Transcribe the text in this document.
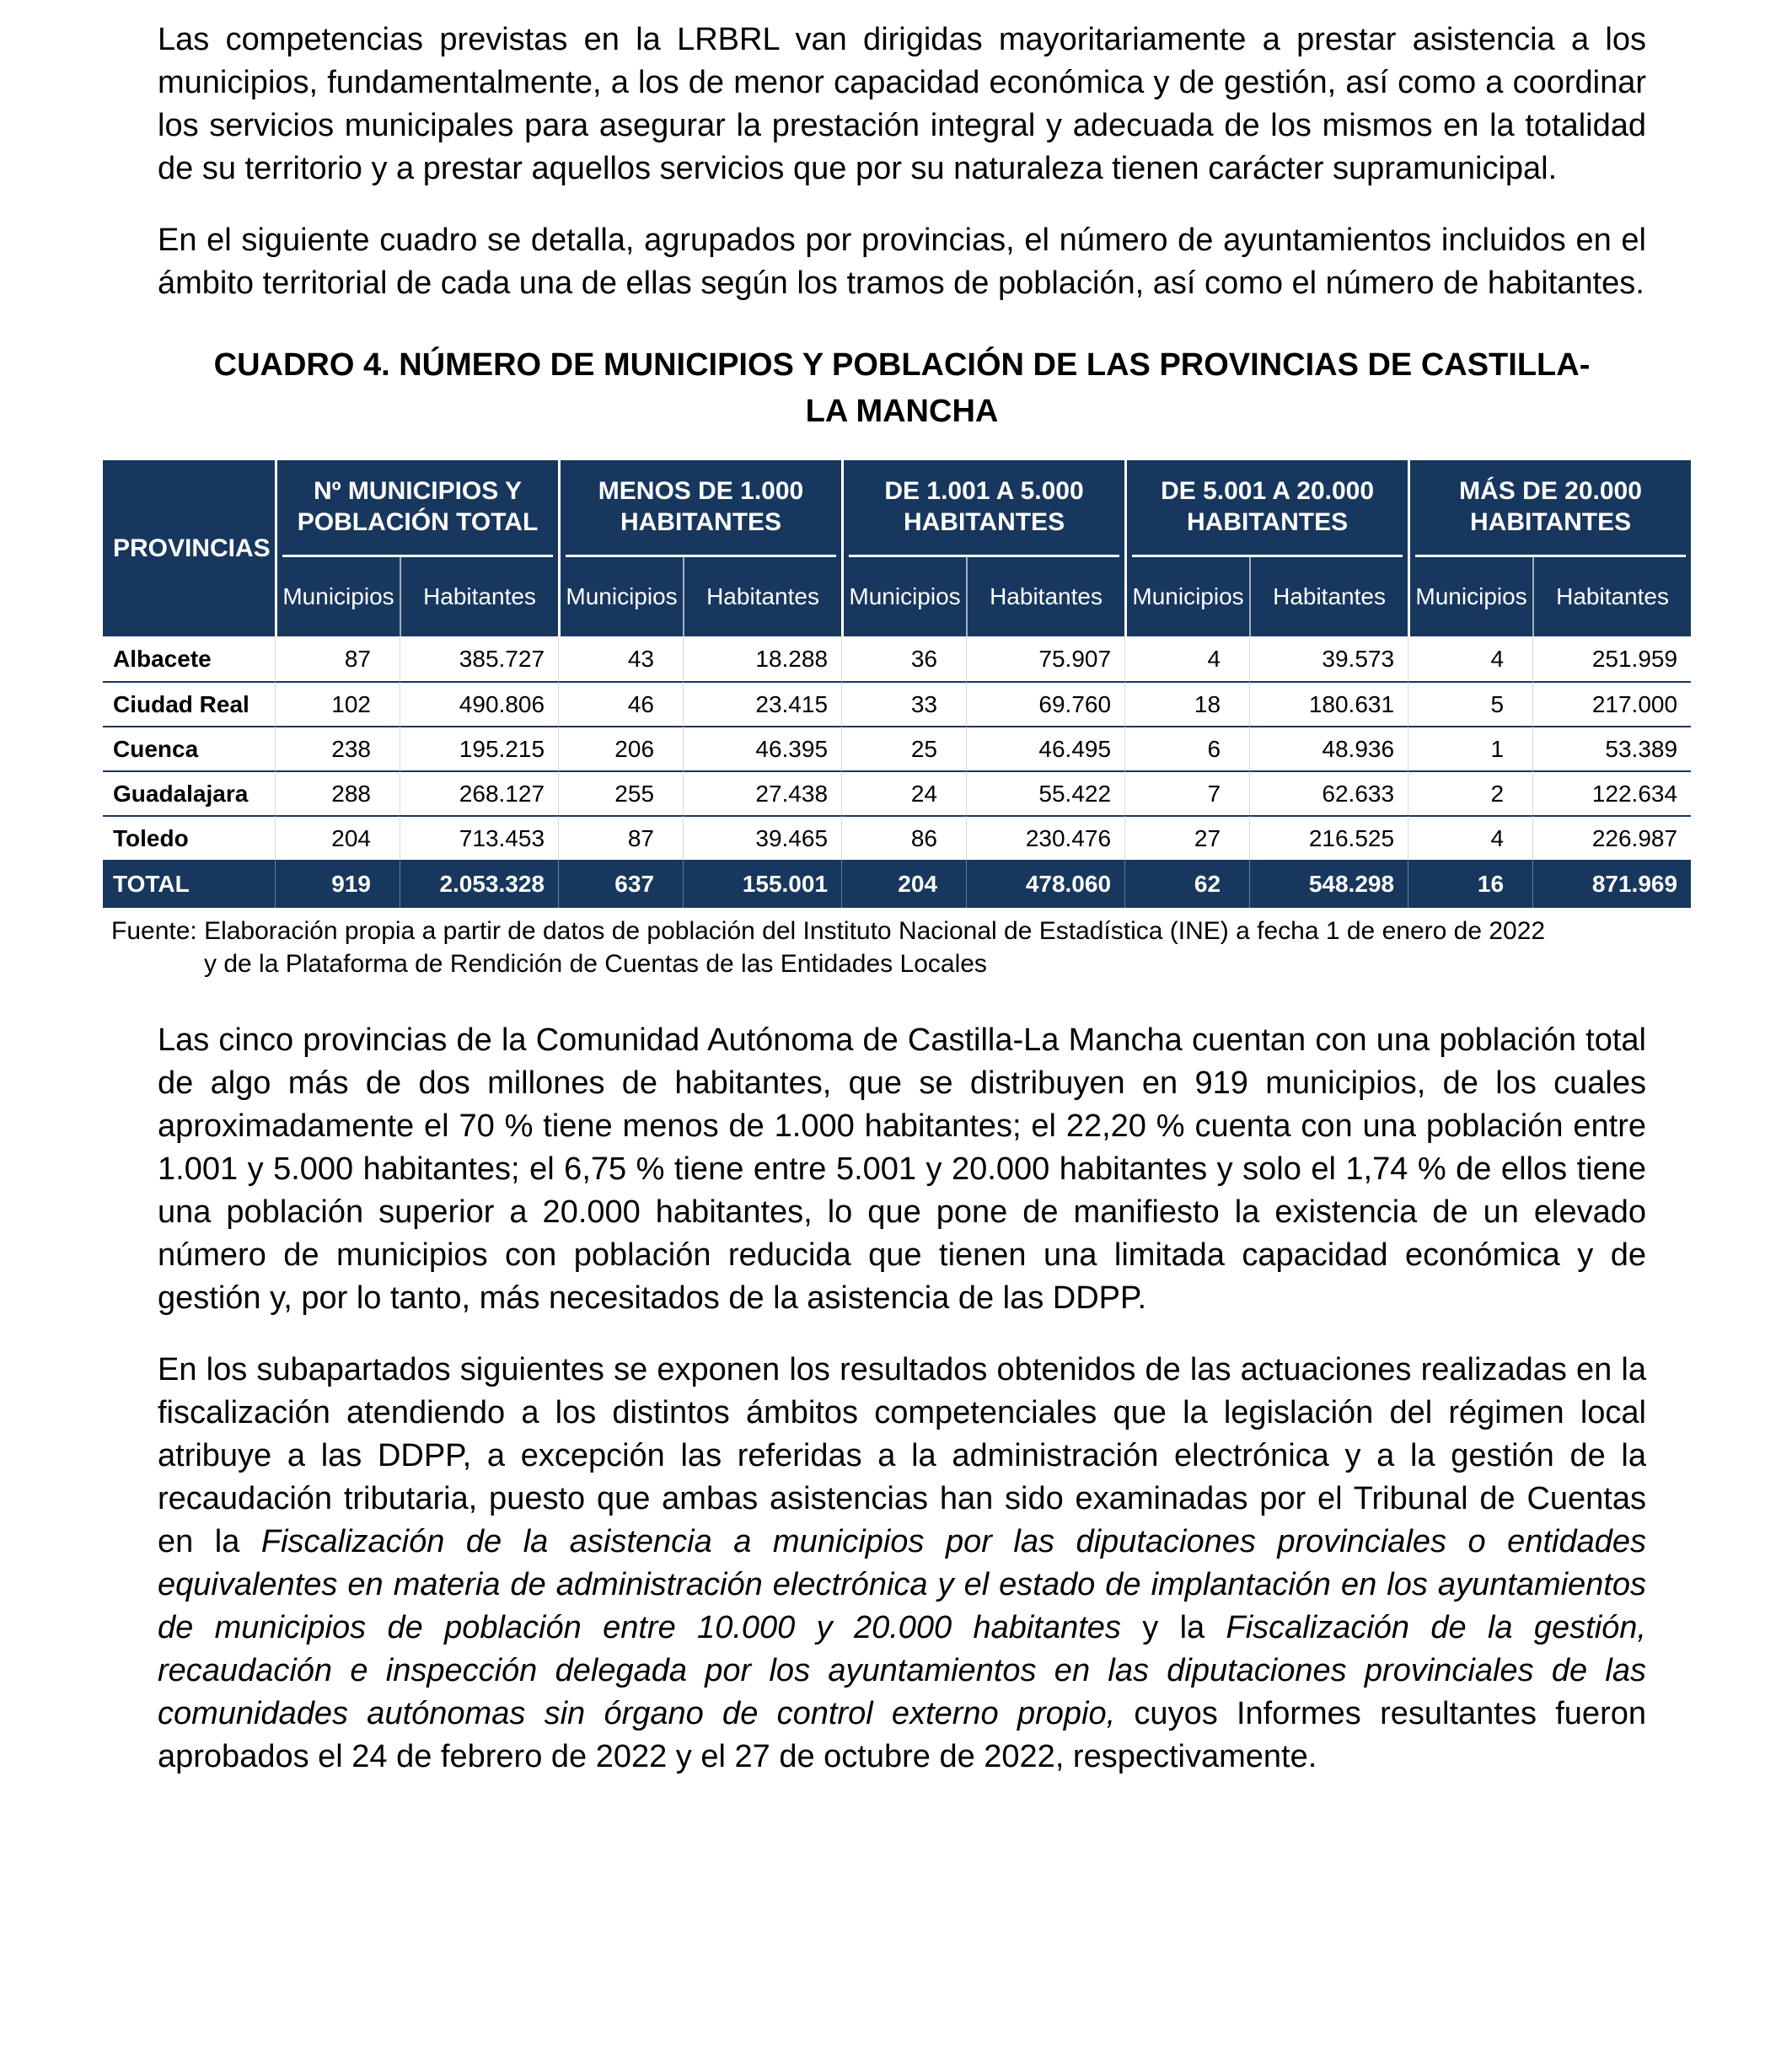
Las competencias previstas en la LRBRL van dirigidas mayoritariamente a prestar asistencia a los municipios, fundamentalmente, a los de menor capacidad económica y de gestión, así como a coordinar los servicios municipales para asegurar la prestación integral y adecuada de los mismos en la totalidad de su territorio y a prestar aquellos servicios que por su naturaleza tienen carácter supramunicipal.

En el siguiente cuadro se detalla, agrupados por provincias, el número de ayuntamientos incluidos en el ámbito territorial de cada una de ellas según los tramos de población, así como el número de habitantes.

CUADRO 4. NÚMERO DE MUNICIPIOS Y POBLACIÓN DE LAS PROVINCIAS DE CASTILLA-
LA MANCHA
PROVINCIAS	Nº MUNICIPIOS Y POBLACIÓN TOTAL		MENOS DE 1.000 HABITANTES		DE 1.001 A 5.000 HABITANTES		DE 5.001 A 20.000 HABITANTES		MÁS DE 20.000 HABITANTES	

	Municipios	Habitantes	Municipios	Habitantes	Municipios	Habitantes	Municipios	Habitantes	Municipios	Habitantes
Albacete	87	385.727	43	18.288	36	75.907	4	39.573	4	251.959
Ciudad Real	102	490.806	46	23.415	33	69.760	18	180.631	5	217.000
Cuenca	238	195.215	206	46.395	25	46.495	6	48.936	1	53.389
Guadalajara	288	268.127	255	27.438	24	55.422	7	62.633	2	122.634
Toledo	204	713.453	87	39.465	86	230.476	27	216.525	4	226.987
TOTAL	919	2.053.328	637	155.001	204	478.060	62	548.298	16	871.969
Fuente: Elaboración propia a partir de datos de población del Instituto Nacional de Estadística (INE) a fecha 1 de enero de 2022
y de la Plataforma de Rendición de Cuentas de las Entidades Locales

Las cinco provincias de la Comunidad Autónoma de Castilla-La Mancha cuentan con una población total de algo más de dos millones de habitantes, que se distribuyen en 919 municipios, de los cuales aproximadamente el 70 % tiene menos de 1.000 habitantes; el 22,20 % cuenta con una población entre 1.001 y 5.000 habitantes; el 6,75 % tiene entre 5.001 y 20.000 habitantes y solo el 1,74 % de ellos tiene una población superior a 20.000 habitantes, lo que pone de manifiesto la existencia de un elevado número de municipios con población reducida que tienen una limitada capacidad económica y de gestión y, por lo tanto, más necesitados de la asistencia de las DDPP.

En los subapartados siguientes se exponen los resultados obtenidos de las actuaciones realizadas en la fiscalización atendiendo a los distintos ámbitos competenciales que la legislación del régimen local atribuye a las DDPP, a excepción las referidas a la administración electrónica y a la gestión de la recaudación tributaria, puesto que ambas asistencias han sido examinadas por el Tribunal de Cuentas en la Fiscalización de la asistencia a municipios por las diputaciones provinciales o entidades equivalentes en materia de administración electrónica y el estado de implantación en los ayuntamientos de municipios de población entre 10.000 y 20.000 habitantes y la Fiscalización de la gestión, recaudación e inspección delegada por los ayuntamientos en las diputaciones provinciales de las comunidades autónomas sin órgano de control externo propio, cuyos Informes resultantes fueron aprobados el 24 de febrero de 2022 y el 27 de octubre de 2022, respectivamente.
